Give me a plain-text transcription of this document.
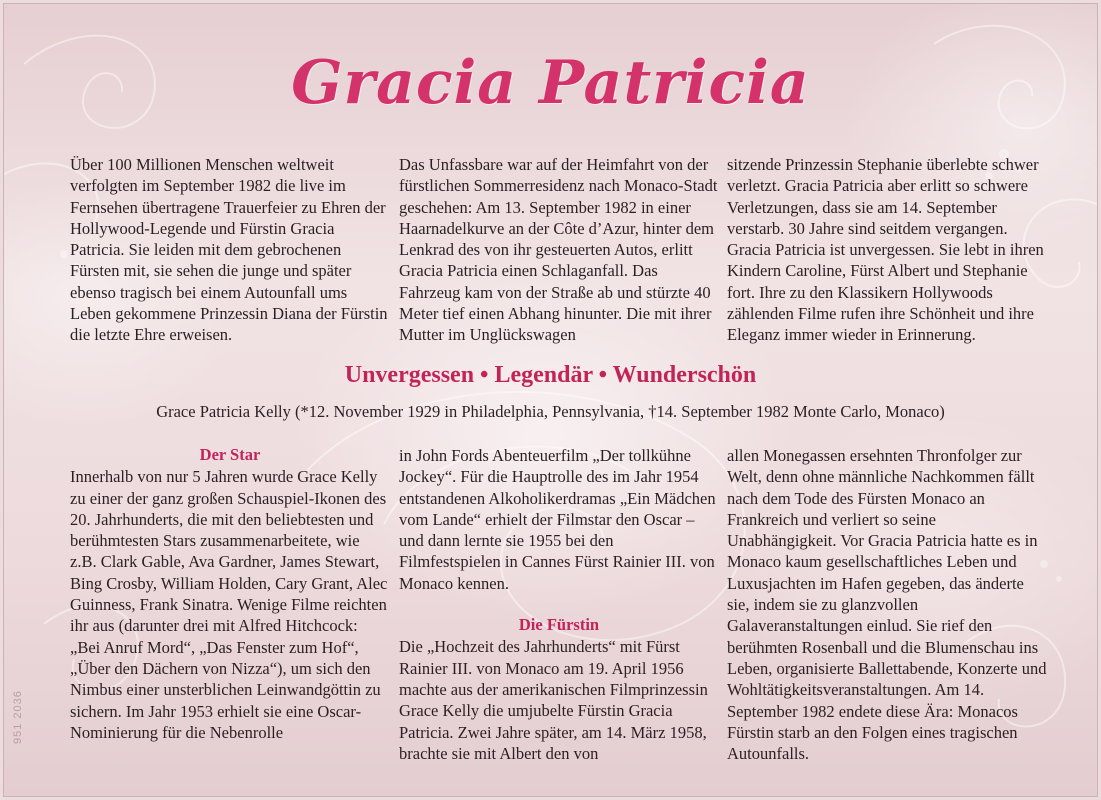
Gracia Patricia

Über 100 Millionen Menschen weltweit verfolgten im September 1982 die live im Fernsehen übertragene Trauerfeier zu Ehren der Hollywood-Legende und Fürstin Gracia Patricia. Sie leiden mit dem gebrochenen Fürsten mit, sie sehen die junge und später ebenso tragisch bei einem Autounfall ums Leben gekommene Prinzessin Diana der Fürstin die letzte Ehre erweisen.

Das Unfassbare war auf der Heimfahrt von der fürstlichen Sommerresidenz nach Monaco-Stadt geschehen: Am 13. September 1982 in einer Haarnadelkurve an der Côte d’Azur, hinter dem Lenkrad des von ihr gesteuerten Autos, erlitt Gracia Patricia einen Schlaganfall. Das Fahrzeug kam von der Straße ab und stürzte 40 Meter tief einen Abhang hinunter. Die mit ihrer Mutter im Unglückswagen

sitzende Prinzessin Stephanie überlebte schwer verletzt. Gracia Patricia aber erlitt so schwere Verletzungen, dass sie am 14. September verstarb. 30 Jahre sind seitdem vergangen. Gracia Patricia ist unvergessen. Sie lebt in ihren Kindern Caroline, Fürst Albert und Stephanie fort. Ihre zu den Klassikern Hollywoods zählenden Filme rufen ihre Schönheit und ihre Eleganz immer wieder in Erinnerung.

Unvergessen • Legendär • Wunderschön

Grace Patricia Kelly (*12. November 1929 in Philadelphia, Pennsylvania, †14. September 1982 Monte Carlo, Monaco)

Der Star

Innerhalb von nur 5 Jahren wurde Grace Kelly zu einer der ganz großen Schauspiel-Ikonen des 20. Jahrhunderts, die mit den beliebtesten und berühmtesten Stars zusammenarbeitete, wie z.B. Clark Gable, Ava Gardner, James Stewart, Bing Crosby, William Holden, Cary Grant, Alec Guinness, Frank Sinatra. Wenige Filme reichten ihr aus (darunter drei mit Alfred Hitchcock: „Bei Anruf Mord“, „Das Fenster zum Hof“, „Über den Dächern von Nizza“), um sich den Nimbus einer unsterblichen Leinwandgöttin zu sichern. Im Jahr 1953 erhielt sie eine Oscar-Nominierung für die Nebenrolle

in John Fords Abenteuerfilm „Der tollkühne Jockey“. Für die Hauptrolle des im Jahr 1954 entstandenen Alkoholikerdramas „Ein Mädchen vom Lande“ erhielt der Filmstar den Oscar – und dann lernte sie 1955 bei den Filmfestspielen in Cannes Fürst Rainier III. von Monaco kennen.

Die Fürstin

Die „Hochzeit des Jahrhunderts“ mit Fürst Rainier III. von Monaco am 19. April 1956 machte aus der amerikanischen Filmprinzessin Grace Kelly die umjubelte Fürstin Gracia Patricia. Zwei Jahre später, am 14. März 1958, brachte sie mit Albert den von

allen Monegassen ersehnten Thronfolger zur Welt, denn ohne männliche Nachkommen fällt nach dem Tode des Fürsten Monaco an Frankreich und verliert so seine Unabhängigkeit. Vor Gracia Patricia hatte es in Monaco kaum gesellschaftliches Leben und Luxusjachten im Hafen gegeben, das änderte sie, indem sie zu glanzvollen Galaveranstaltungen einlud. Sie rief den berühmten Rosenball und die Blumenschau ins Leben, organisierte Ballettabende, Konzerte und Wohltätigkeitsveranstaltungen. Am 14. September 1982 endete diese Ära: Monacos Fürstin starb an den Folgen eines tragischen Autounfalls.

951 2036
